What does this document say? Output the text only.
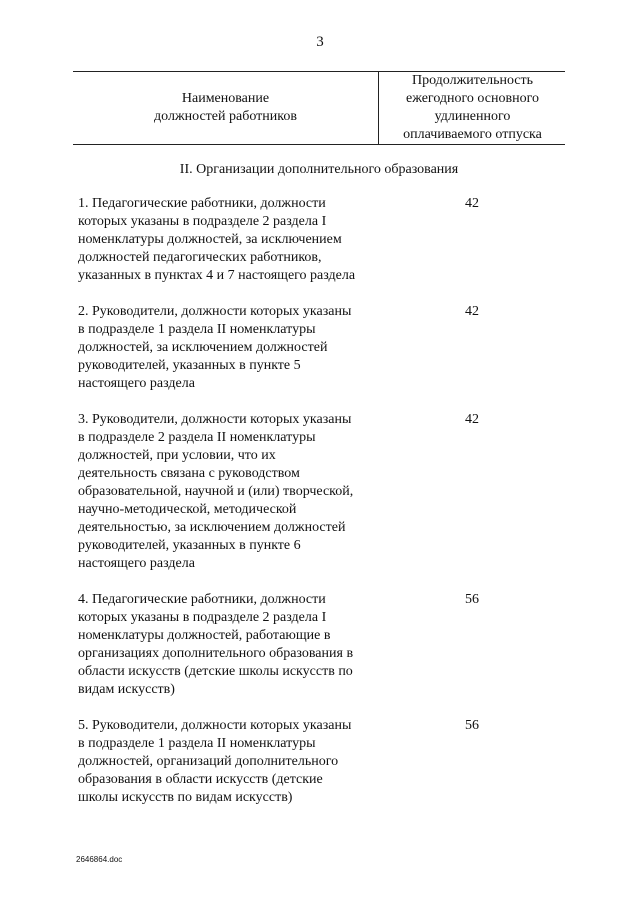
3
Наименование
должностей работников
Продолжительность
ежегодного основного
удлиненного
оплачиваемого отпуска
II. Организации дополнительного образования
1. Педагогические работники, должности
которых указаны в подразделе 2 раздела I
номенклатуры должностей, за исключением
должностей педагогических работников,
указанных в пунктах 4 и 7 настоящего раздела
42
2. Руководители, должности которых указаны
в подразделе 1 раздела II номенклатуры
должностей, за исключением должностей
руководителей, указанных в пункте 5
настоящего раздела
42
3. Руководители, должности которых указаны
в подразделе 2 раздела II номенклатуры
должностей, при условии, что их
деятельность связана с руководством
образовательной, научной и (или) творческой,
научно-методической, методической
деятельностью, за исключением должностей
руководителей, указанных в пункте 6
настоящего раздела
42
4. Педагогические работники, должности
которых указаны в подразделе 2 раздела I
номенклатуры должностей, работающие в
организациях дополнительного образования в
области искусств (детские школы искусств по
видам искусств)
56
5. Руководители, должности которых указаны
в подразделе 1 раздела II номенклатуры
должностей, организаций дополнительного
образования в области искусств (детские
школы искусств по видам искусств)
56
2646864.doc
